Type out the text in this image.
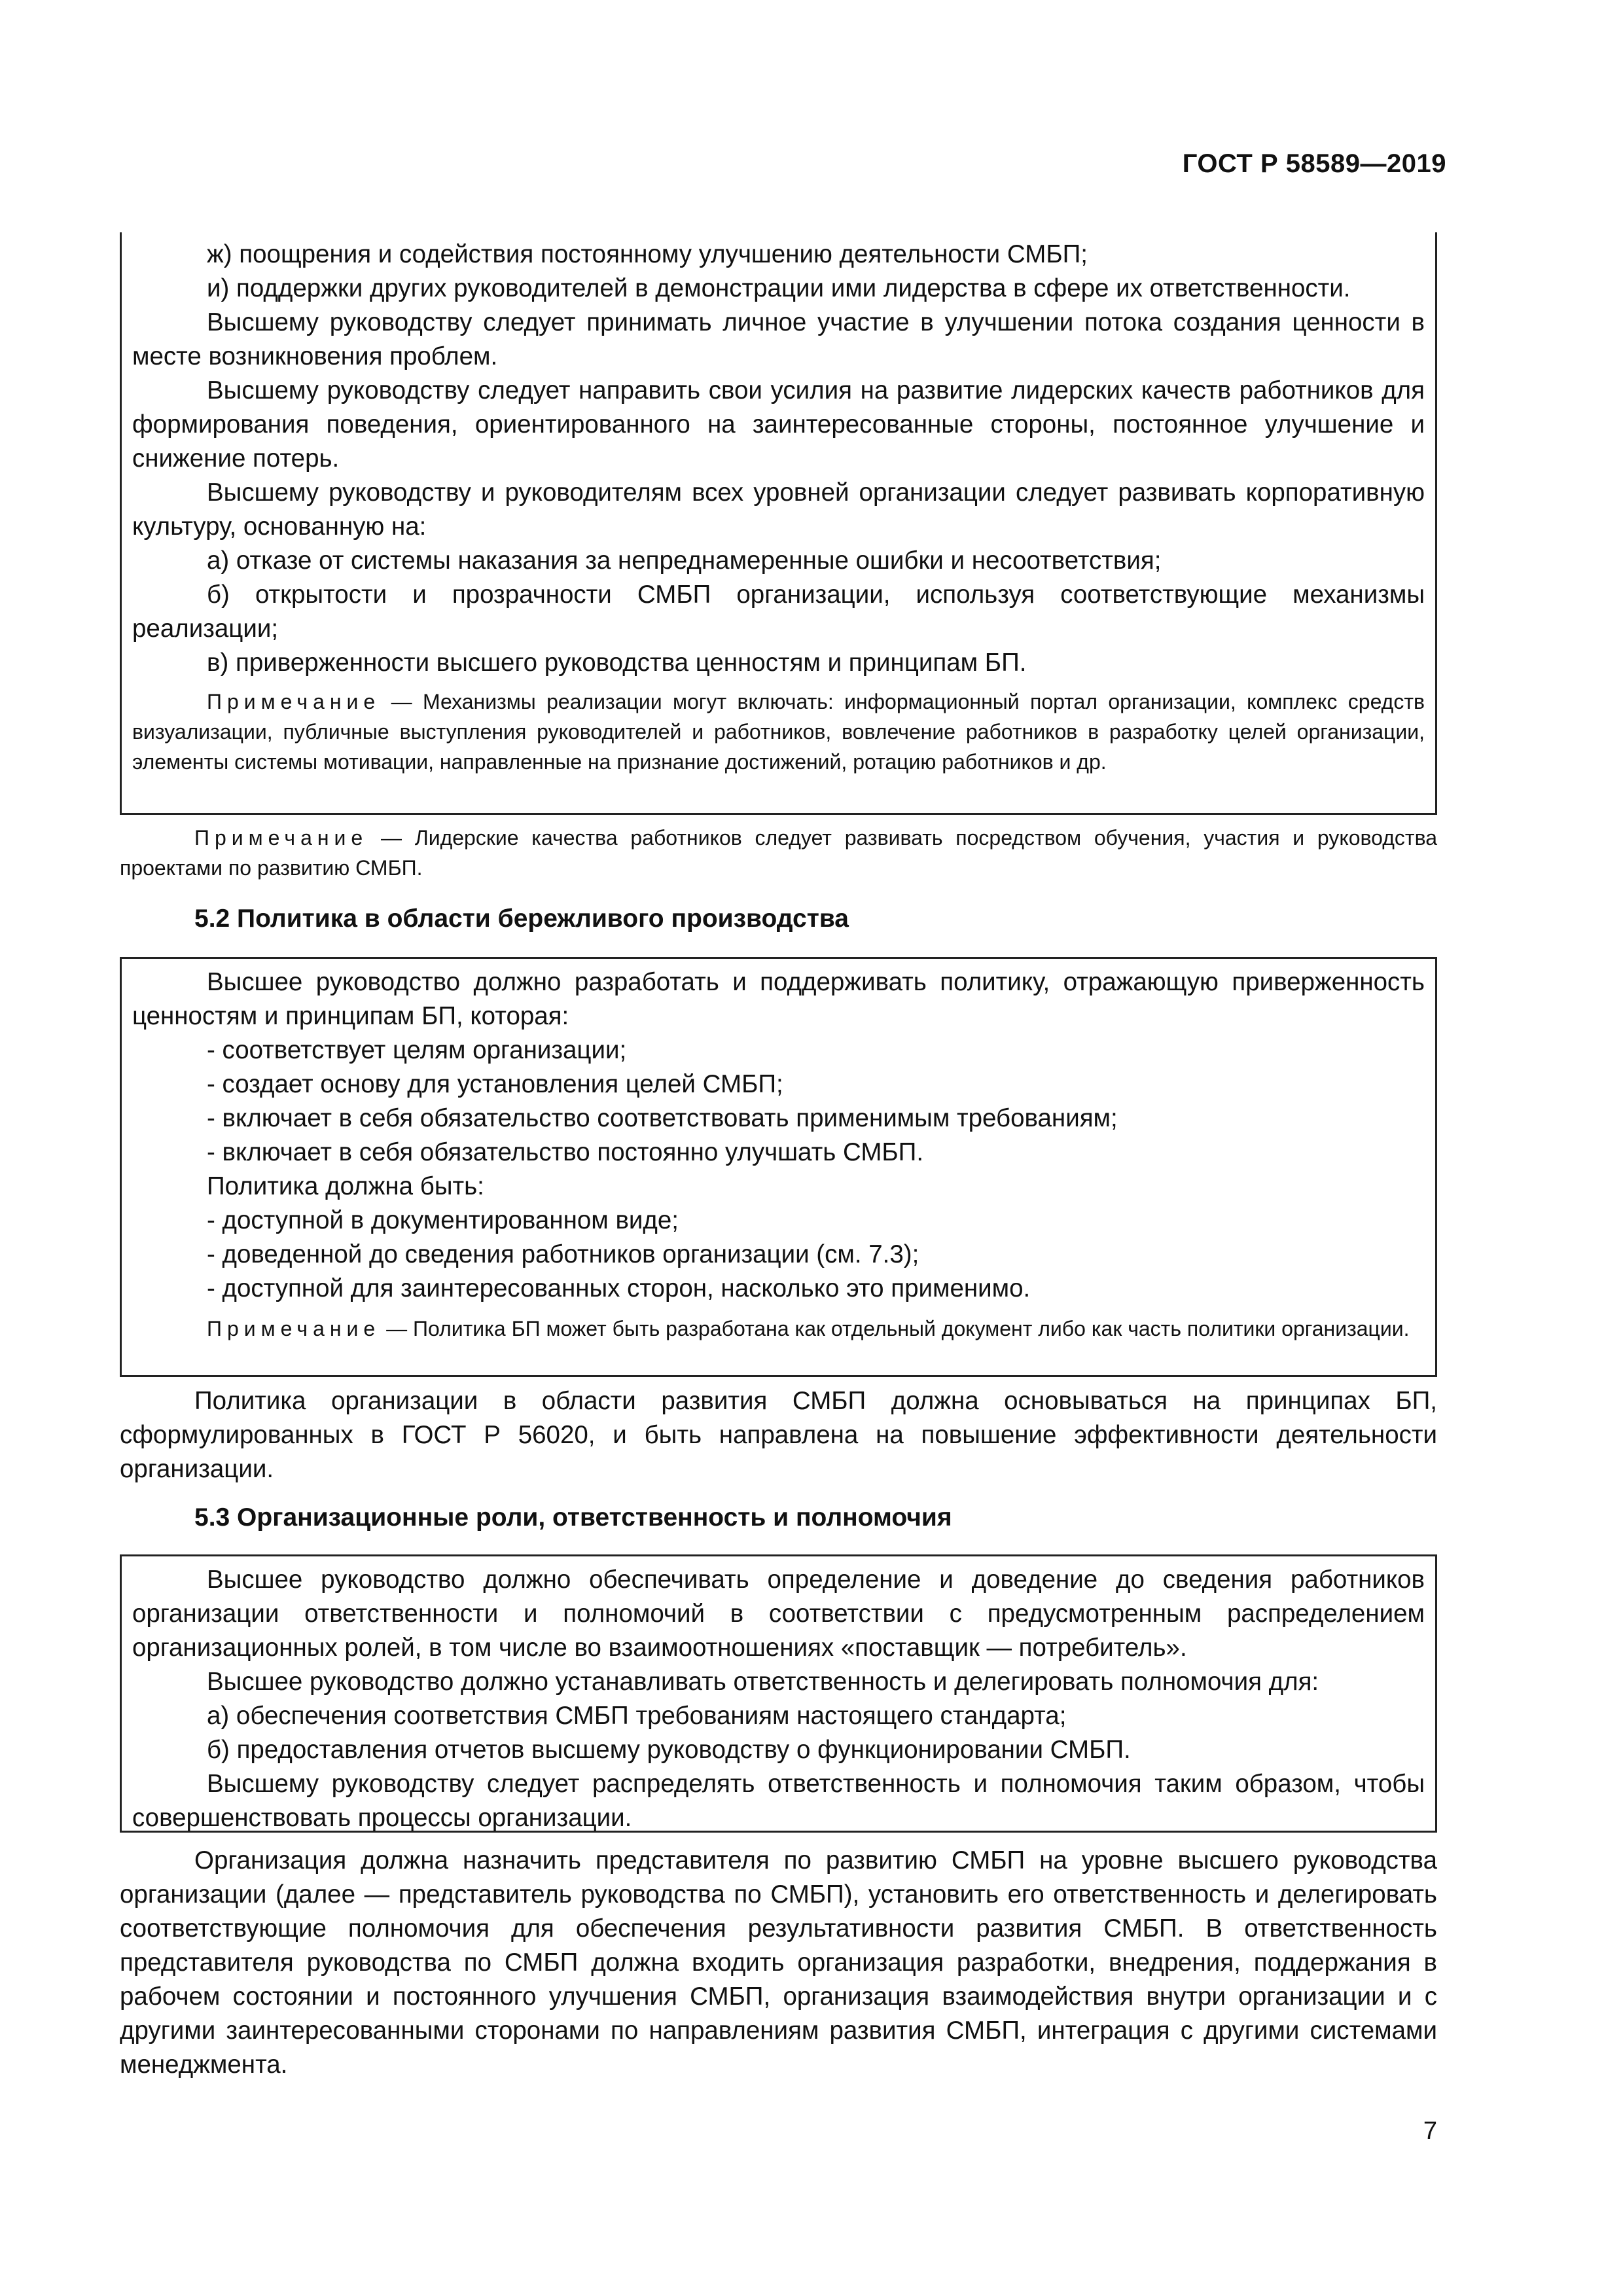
ГОСТ Р 58589—2019

ж) поощрения и содействия постоянному улучшению деятельности СМБП;

и) поддержки других руководителей в демонстрации ими лидерства в сфере их ответственности.

Высшему руководству следует принимать личное участие в улучшении потока создания ценности в месте возникновения проблем.

Высшему руководству следует направить свои усилия на развитие лидерских качеств работников для формирования поведения, ориентированного на заинтересованные стороны, постоянное улучшение и снижение потерь.

Высшему руководству и руководителям всех уровней организации следует развивать корпоративную культуру, основанную на:

а) отказе от системы наказания за непреднамеренные ошибки и несоответствия;

б) открытости и прозрачности СМБП организации, используя соответствующие механизмы реализации;

в) приверженности высшего руководства ценностям и принципам БП.

Примечание — Механизмы реализации могут включать: информационный портал организации, комплекс средств визуализации, публичные выступления руководителей и работников, вовлечение работников в разработку целей организации, элементы системы мотивации, направленные на признание достижений, ротацию работников и др.

Примечание — Лидерские качества работников следует развивать посредством обучения, участия и руководства проектами по развитию СМБП.

5.2 Политика в области бережливого производства

Высшее руководство должно разработать и поддерживать политику, отражающую приверженность ценностям и принципам БП, которая:

- соответствует целям организации;

- создает основу для установления целей СМБП;

- включает в себя обязательство соответствовать применимым требованиям;

- включает в себя обязательство постоянно улучшать СМБП.

Политика должна быть:

- доступной в документированном виде;

- доведенной до сведения работников организации (см. 7.3);

- доступной для заинтересованных сторон, насколько это применимо.

Примечание — Политика БП может быть разработана как отдельный документ либо как часть политики организации.

Политика организации в области развития СМБП должна основываться на принципах БП, сформулированных в ГОСТ Р 56020, и быть направлена на повышение эффективности деятельности организации.

5.3 Организационные роли, ответственность и полномочия

Высшее руководство должно обеспечивать определение и доведение до сведения работников организации ответственности и полномочий в соответствии с предусмотренным распределением организационных ролей, в том числе во взаимоотношениях «поставщик — потребитель».

Высшее руководство должно устанавливать ответственность и делегировать полномочия для:

а) обеспечения соответствия СМБП требованиям настоящего стандарта;

б) предоставления отчетов высшему руководству о функционировании СМБП.

Высшему руководству следует распределять ответственность и полномочия таким образом, чтобы совершенствовать процессы организации.

Организация должна назначить представителя по развитию СМБП на уровне высшего руководства организации (далее — представитель руководства по СМБП), установить его ответственность и делегировать соответствующие полномочия для обеспечения результативности развития СМБП. В ответственность представителя руководства по СМБП должна входить организация разработки, внедрения, поддержания в рабочем состоянии и постоянного улучшения СМБП, организация взаимодействия внутри организации и с другими заинтересованными сторонами по направлениям развития СМБП, интеграция с другими системами менеджмента.

7
